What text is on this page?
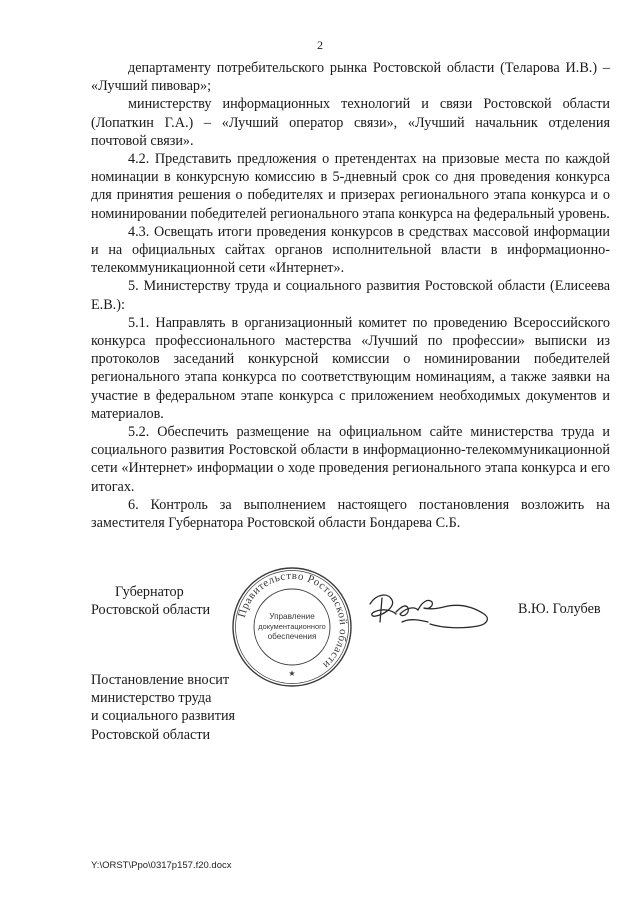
2

департаменту потребительского рынка Ростовской области (Теларова И.В.) – «Лучший пивовар»;

министерству информационных технологий и связи Ростовской области (Лопаткин Г.А.) – «Лучший оператор связи», «Лучший начальник отделения почтовой связи».

4.2. Представить предложения о претендентах на призовые места по каждой номинации в конкурсную комиссию в 5-дневный срок со дня проведения конкурса для принятия решения о победителях и призерах регионального этапа конкурса и о номинировании победителей регионального этапа конкурса на федеральный уровень.

4.3. Освещать итоги проведения конкурсов в средствах массовой информации и на официальных сайтах органов исполнительной власти в информационно-телекоммуникационной сети «Интернет».

5. Министерству труда и социального развития Ростовской области (Елисеева Е.В.):

5.1. Направлять в организационный комитет по проведению Всероссийского конкурса профессионального мастерства «Лучший по профессии» выписки из протоколов заседаний конкурсной комиссии о номинировании победителей регионального этапа конкурса по соответствующим номинациям, а также заявки на участие в федеральном этапе конкурса с приложением необходимых документов и материалов.

5.2. Обеспечить размещение на официальном сайте министерства труда и социального развития Ростовской области в информационно-телекоммуникационной сети «Интернет» информации о ходе проведения регионального этапа конкурса и его итогах.

6. Контроль за выполнением настоящего постановления возложить на заместителя Губернатора Ростовской области Бондарева С.Б.

Губернатор
Ростовской области Правительство Ростовской области
Управление
документационного
обеспечения
★
В.Ю. Голубев
Постановление вносит
министерство труда
и социального развития
Ростовской области
Y:\ORST\Ppo\0317p157.f20.docx
